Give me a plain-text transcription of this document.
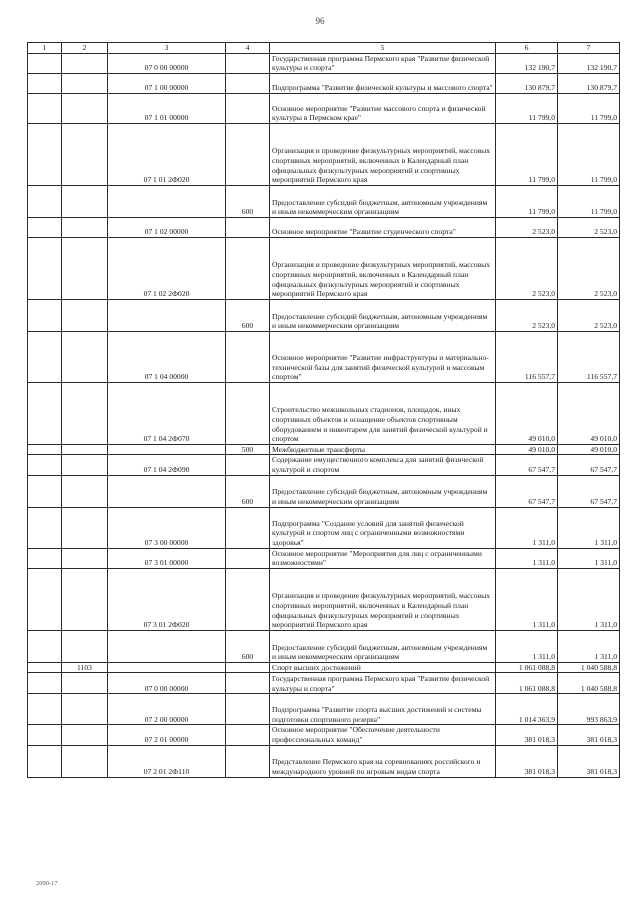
96
1	2	3	4	5	6	7
		07 0 00 00000		Государственная программа Пермского края "Развитие физической культуры и спорта"	132 190,7	132 190,7
		07 1 00 00000		Подпрограмма "Развитие физической культуры и массового спорта"	130 879,7	130 879,7
		07 1 01 00000		Основное мероприятие "Развитие массового спорта и физической культуры в Пермском крае"	11 799,0	11 799,0
		07 1 01 2Ф020		Организация и проведение физкультурных мероприятий, массовых спортивных мероприятий, включенных в Календарный план официальных физкультурных мероприятий и спортивных мероприятий Пермского края	11 799,0	11 799,0
			600	Предоставление субсидий бюджетным, автономным учреждениям и иным некоммерческим организациям	11 799,0	11 799,0
		07 1 02 00000		Основное мероприятие "Развитие студенческого спорта"	2 523,0	2 523,0
		07 1 02 2Ф020		Организация и проведение физкультурных мероприятий, массовых спортивных мероприятий, включенных в Календарный план официальных физкультурных мероприятий и спортивных мероприятий Пермского края	2 523,0	2 523,0
			600	Предоставление субсидий бюджетным, автономным учреждениям и иным некоммерческим организациям	2 523,0	2 523,0
		07 1 04 00000		Основное мероприятие "Развитие инфраструктуры и материально-технической базы для занятий физической культурой и массовым спортом"	116 557,7	116 557,7
		07 1 04 2Ф070		Строительство межшкольных стадионов, площадок, иных спортивных объектов и оснащение объектов спортивным оборудованием и инвентарем для занятий физической культурой и спортом	49 010,0	49 010,0
			500	Межбюджетные трансферты	49 010,0	49 010,0
		07 1 04 2Ф090		Содержание имущественного комплекса для занятий физической культурой и спортом	67 547,7	67 547,7
			600	Предоставление субсидий бюджетным, автономным учреждениям и иным некоммерческим организациям	67 547,7	67 547,7
		07 3 00 00000		Подпрограмма "Создание условий для занятий физической культурой и спортом лиц с ограниченными возможностями здоровья"	1 311,0	1 311,0
		07 3 01 00000		Основное мероприятие "Мероприятия для лиц с ограниченными возможностями"	1 311,0	1 311,0
		07 3 01 2Ф020		Организация и проведение физкультурных мероприятий, массовых спортивных мероприятий, включенных в Календарный план официальных физкультурных мероприятий и спортивных мероприятий Пермского края	1 311,0	1 311,0
			600	Предоставление субсидий бюджетным, автономным учреждениям и иным некоммерческим организациям	1 311,0	1 311,0
	1103			Спорт высших достижений	1 061 088,8	1 040 588,8
		07 0 00 00000		Государственная программа Пермского края "Развитие физической культуры и спорта"	1 061 088,8	1 040 588,8
		07 2 00 00000		Подпрограмма "Развитие спорта высших достижений и системы подготовки спортивного резерва"	1 014 363,9	993 863,9
		07 2 01 00000		Основное мероприятие "Обеспечение деятельности профессиональных команд"	381 018,3	381 018,3
		07 2 01 2Ф110		Представление Пермского края на соревнованиях российского и международного уровней по игровым видам спорта	381 018,3	381 018,3
2090-17
